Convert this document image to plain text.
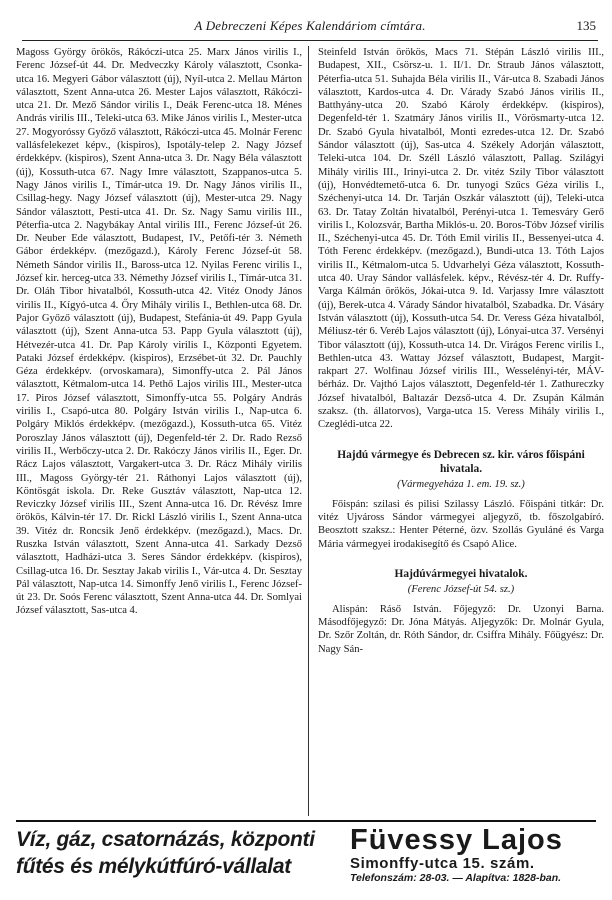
A Debreczeni Képes Kalendáriom címtára.	135

Magoss György örökös, Rákóczi-utca 25. Marx János virilis I., Ferenc József-út 44. Dr. Medveczky Károly választott, Csonka-utca 16. Megyeri Gábor választott (új), Nyíl-utca 2. Mellau Márton választott, Szent Anna-utca 26. Mester Lajos választott, Rákóczi-utca 21. Dr. Mező Sándor virilis I., Deák Ferenc-utca 18. Ménes András virilis III., Teleki-utca 63. Mike János virilis I., Mester-utca 27. Mogyoróssy Győző választott, Rákóczi-utca 45. Molnár Ferenc vallásfelekezet képv., (kispiros), Ispotály-telep 2. Nagy József érdekképv. (kispiros), Szent Anna-utca 3. Dr. Nagy Béla választott (új), Kossuth-utca 67. Nagy Imre választott, Szappanos-utca 5. Nagy János virilis I., Tímár-utca 19. Dr. Nagy János virilis II., Csillag-hegy. Nagy József választott (új), Mester-utca 29. Nagy Sándor választott, Pesti-utca 41. Dr. Sz. Nagy Samu virilis III., Péterfia-utca 2. Nagybákay Antal virilis III., Ferenc József-út 26. Dr. Neuber Ede választott, Budapest, IV., Petőfi-tér 3. Németh Gábor érdekképv. (mezőgazd.), Károly Ferenc József-út 58. Németh Sándor virilis II., Baross-utca 12. Nyilas Ferenc virilis I., József kir. herceg-utca 33. Némethy József virilis I., Tímár-utca 31. Dr. Oláh Tibor hivatalból, Kossuth-utca 42. Vitéz Onody János virilis II., Kígyó-utca 4. Őry Mihály virilis I., Bethlen-utca 68. Dr. Pajor Győző választott (új), Budapest, Stefánia-út 49. Papp Gyula választott (új), Szent Anna-utca 53. Papp Gyula választott (új), Hétvezér-utca 41. Dr. Pap Károly virilis I., Központi Egyetem. Pataki József érdekképv. (kispiros), Erzsébet-út 32. Dr. Pauchly Géza érdekképv. (orvoskamara), Simonffy-utca 2. Pál János választott, Kétmalom-utca 14. Pethő Lajos virilis III., Mester-utca 17. Piros József választott, Simonffy-utca 55. Polgáry András virilis I., Csapó-utca 80. Polgáry István virilis I., Nap-utca 6. Polgáry Miklós érdekképv. (mezőgazd.), Kossuth-utca 65. Vitéz Poroszlay János választott (új), Degenfeld-tér 2. Dr. Rado Rezső virilis II., Werbőczy-utca 2. Dr. Rakóczy János virilis II., Eger. Dr. Rácz Lajos választott, Vargakert-utca 3. Dr. Rácz Mihály virilis III., Magoss György-tér 21. Ráthonyi Lajos választott (új), Köntösgát iskola. Dr. Reke Gusztáv választott, Nap-utca 12. Reviczky József virilis III., Szent Anna-utca 16. Dr. Révész Imre örökös, Kálvin-tér 17. Dr. Rickl László virilis I., Szent Anna-utca 39. Vitéz dr. Roncsik Jenő érdekképv. (mezőgazd.), Macs. Dr. Ruszka István választott, Szent Anna-utca 41. Sarkady Dezső választott, Hadházi-utca 3. Seres Sándor érdekképv. (kispiros), Csillag-utca 16. Dr. Sesztay Jakab virilis I., Vár-utca 4. Dr. Sesztay Pál választott, Nap-utca 14. Simonffy Jenő virilis I., Ferenc József-út 23. Dr. Soós Ferenc választott, Szent Anna-utca 44. Dr. Somlyai József választott, Sas-utca 4.

Steinfeld István örökös, Macs 71. Stépán László virilis III., Budapest, XII., Csörsz-u. 1. II/1. Dr. Straub János választott, Péterfia-utca 51. Suhajda Béla virilis II., Vár-utca 8. Szabadi János választott, Kardos-utca 4. Dr. Várady Szabó János virilis II., Batthyány-utca 20. Szabó Károly érdekképv. (kispiros), Degenfeld-tér 1. Szatmáry János virilis II., Vörösmarty-utca 12. Dr. Szabó Gyula hivatalból, Monti ezredes-utca 12. Dr. Szabó Sándor választott (új), Sas-utca 4. Székely Adorján választott, Teleki-utca 104. Dr. Széll László választott, Pallag. Szilágyi Mihály virilis III., Irinyi-utca 2. Dr. vitéz Szily Tibor választott (új), Honvédtemető-utca 6. Dr. tunyogi Szűcs Géza virilis I., Széchenyi-utca 14. Dr. Tarján Oszkár választott (új), Teleki-utca 63. Dr. Tatay Zoltán hivatalból, Perényi-utca 1. Temesváry Gerő virilis I., Kolozsvár, Bartha Miklós-u. 20. Boros-Tóbv József virilis II., Széchenyi-utca 45. Dr. Tóth Emil virilis II., Bessenyei-utca 4. Tóth Ferenc érdekképv. (mezőgazd.), Bundi-utca 13. Tóth Lajos virilis II., Kétmalom-utca 5. Udvarhelyi Géza választott, Kossuth-utca 40. Uray Sándor vallásfelek. képv., Révész-tér 4. Dr. Ruffy-Varga Kálmán örökös, Jókai-utca 9. Id. Varjassy Imre választott (új), Berek-utca 4. Várady Sándor hivatalból, Szabadka. Dr. Vásáry István választott (új), Kossuth-utca 54. Dr. Veress Géza hivatalból, Méliusz-tér 6. Veréb Lajos választott (új), Lónyai-utca 37. Versényi Tibor választott (új), Kossuth-utca 14. Dr. Virágos Ferenc virilis I., Bethlen-utca 43. Wattay József választott, Budapest, Margit-rakpart 27. Wolfinau József virilis III., Wesselényi-tér, MÁV-bérház. Dr. Vajthó Lajos választott, Degenfeld-tér 1. Zathureczky József hivatalból, Baltazár Dezső-utca 4. Dr. Zsupán Kálmán szaksz. (th. állatorvos), Varga-utca 15. Veress Mihály virilis I., Czeglédi-utca 22.

Hajdú vármegye és Debrecen sz. kir. város főispáni hivatala.
(Vármegyeháza 1. em. 19. sz.)

Főispán: szilasi és pilisi Szilassy László. Főispáni titkár: Dr. vitéz Ujváross Sándor vármegyei aljegyző, tb. főszolgabíró. Beosztott szaksz.: Henter Péterné, özv. Szollás Gyuláné és Varga Mária vármegyei irodakisegítő és Csapó Alice.

Hajdúvármegyei hivatalok.
(Ferenc József-út 54. sz.)

Alispán: Ráső István. Főjegyző: Dr. Uzonyi Barna. Másodfőjegyző: Dr. Jóna Mátyás. Aljegyzők: Dr. Molnár Gyula, Dr. Szőr Zoltán, dr. Róth Sándor, dr. Csiffra Mihály. Főügyész: Dr. Nagy Sán-

Víz, gáz, csatornázás, központi
fűtés és mélykútfúró-vállalat
Füvessy Lajos
Simonffy-utca 15. szám.
Telefonszám: 28-03. — Alapítva: 1828-ban.
